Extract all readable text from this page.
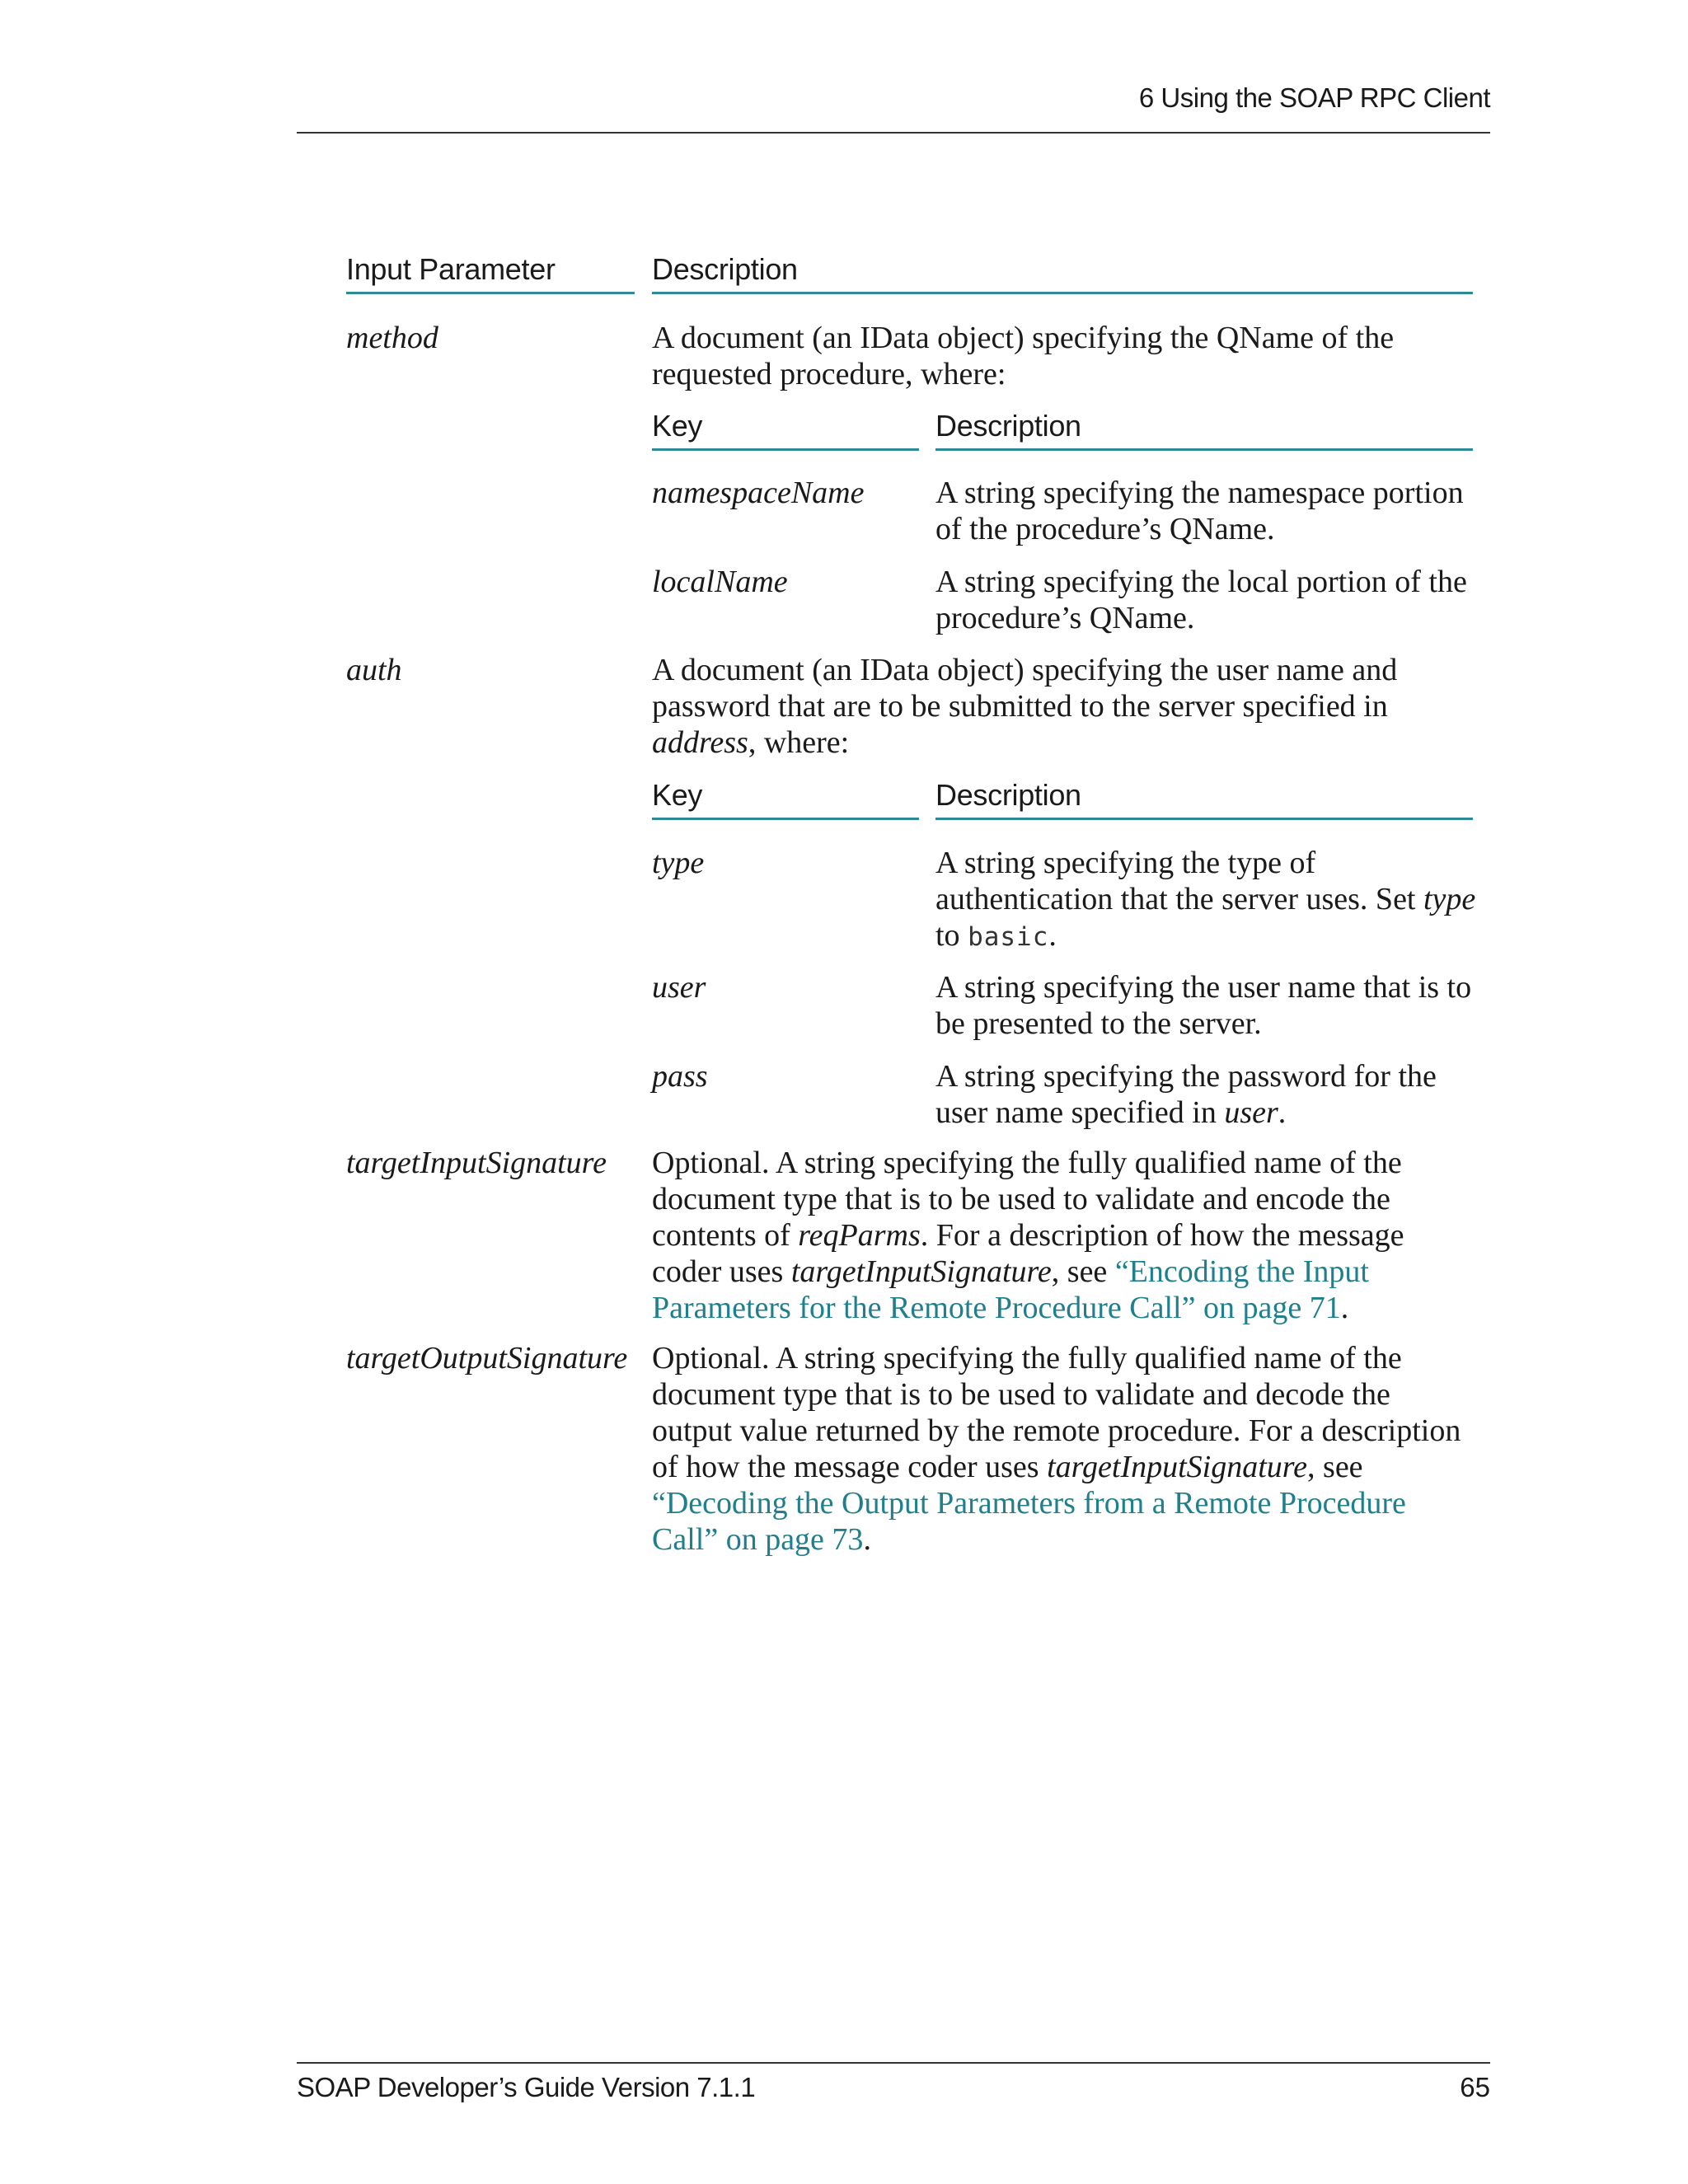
6 Using the SOAP RPC Client
Input Parameter	Description
method	A document (an IData object) specifying the QName of the requested procedure, where:
Key	Description
namespaceName A string specifying the namespace portion of the procedure’s QName.
localName	A string specifying the local portion of the procedure’s QName.
auth	A document (an IData object) specifying the user name and password that are to be submitted to the server specified in address, where:
Key	Description
type	A string specifying the type of authentication that the server uses. Set type to basic.
user	A string specifying the user name that is to be presented to the server.
pass	A string specifying the password for the user name specified in user.
targetInputSignature Optional. A string specifying the fully qualified name of the document type that is to be used to validate and encode the contents of reqParms. For a description of how the message coder uses targetInputSignature, see “Encoding the Input Parameters for the Remote Procedure Call” on page 71.
targetOutputSignature Optional. A string specifying the fully qualified name of the document type that is to be used to validate and decode the output value returned by the remote procedure. For a description of how the message coder uses targetInputSignature, see “Decoding the Output Parameters from a Remote Procedure Call” on page 73.
SOAP Developer’s Guide Version 7.1.1	65
